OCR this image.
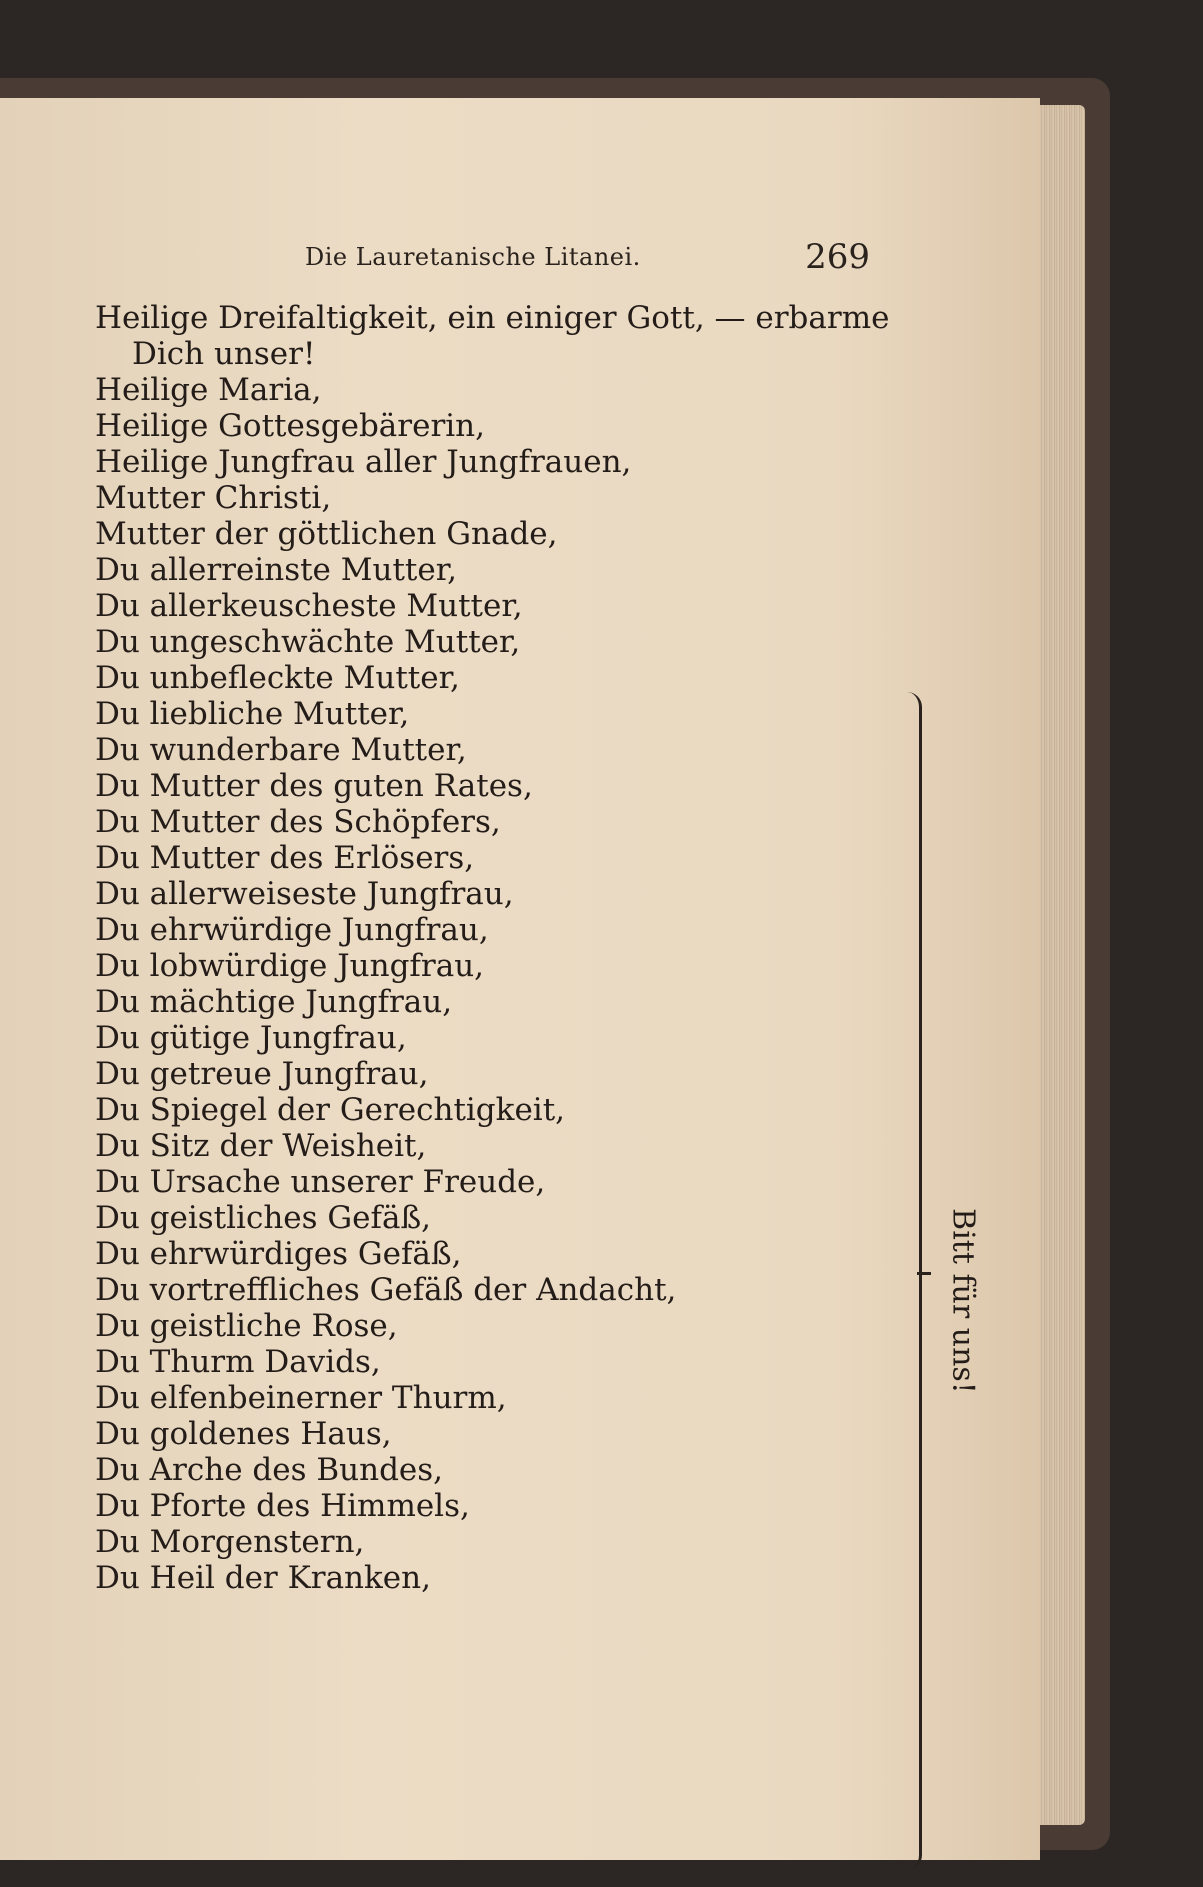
Die Lauretanische Litanei.	269
Heilige Dreifaltigkeit, ein einiger Gott, — erbarme
Dich unser!
Heilige Maria,
Heilige Gottesgebärerin,
Heilige Jungfrau aller Jungfrauen,
Mutter Christi,
Mutter der göttlichen Gnade,
Du allerreinste Mutter,
Du allerkeuscheste Mutter,
Du ungeschwächte Mutter,
Du unbefleckte Mutter,
Du liebliche Mutter,
Du wunderbare Mutter,
Du Mutter des guten Rates,
Du Mutter des Schöpfers,
Du Mutter des Erlösers,
Du allerweiseste Jungfrau,
Du ehrwürdige Jungfrau,
Du lobwürdige Jungfrau,
Du mächtige Jungfrau,
Du gütige Jungfrau,
Du getreue Jungfrau,
Du Spiegel der Gerechtigkeit,
Du Sitz der Weisheit,
Du Ursache unserer Freude,
Du geistliches Gefäß,
Du ehrwürdiges Gefäß,
Du vortreffliches Gefäß der Andacht,
Du geistliche Rose,
Du Thurm Davids,
Du elfenbeinerner Thurm,
Du goldenes Haus,
Du Arche des Bundes,
Du Pforte des Himmels,
Du Morgenstern,
Du Heil der Kranken,
Bitt für uns!
